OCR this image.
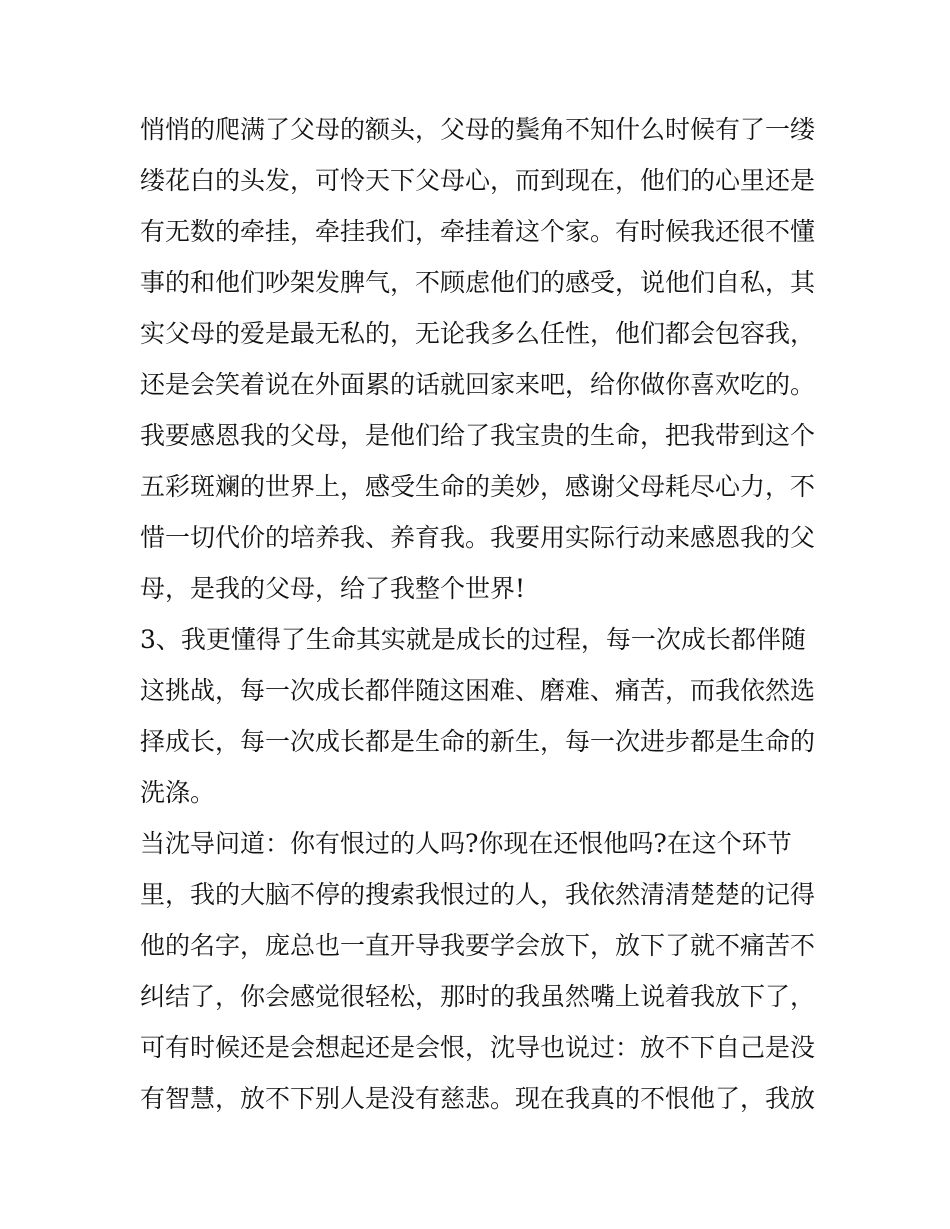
悄悄的爬满了父母的额头，父母的鬓角不知什么时候有了一缕
缕花白的头发，可怜天下父母心，而到现在，他们的心里还是
有无数的牵挂，牵挂我们，牵挂着这个家。有时候我还很不懂
事的和他们吵架发脾气，不顾虑他们的感受，说他们自私，其
实父母的爱是最无私的，无论我多么任性，他们都会包容我，
还是会笑着说在外面累的话就回家来吧，给你做你喜欢吃的。
我要感恩我的父母，是他们给了我宝贵的生命，把我带到这个
五彩斑斓的世界上，感受生命的美妙，感谢父母耗尽心力，不
惜一切代价的培养我、养育我。我要用实际行动来感恩我的父
母，是我的父母，给了我整个世界!
3、我更懂得了生命其实就是成长的过程，每一次成长都伴随
这挑战，每一次成长都伴随这困难、磨难、痛苦，而我依然选
择成长，每一次成长都是生命的新生，每一次进步都是生命的
洗涤。
当沈导问道：你有恨过的人吗?你现在还恨他吗?在这个环节
里，我的大脑不停的搜索我恨过的人，我依然清清楚楚的记得
他的名字，庞总也一直开导我要学会放下，放下了就不痛苦不
纠结了，你会感觉很轻松，那时的我虽然嘴上说着我放下了，
可有时候还是会想起还是会恨，沈导也说过：放不下自己是没
有智慧，放不下别人是没有慈悲。现在我真的不恨他了，我放
